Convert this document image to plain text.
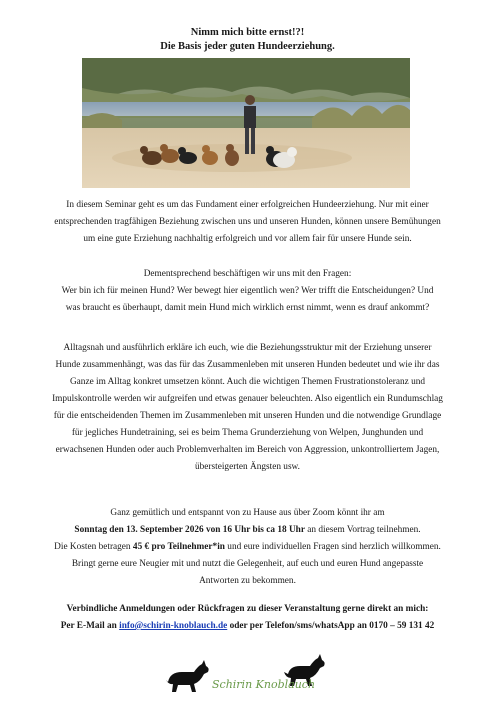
Nimm mich bitte ernst!?!
Die Basis jeder guten Hundeerziehung.

In diesem Seminar geht es um das Fundament einer erfolgreichen Hundeerziehung. Nur mit einer
entsprechenden tragfähigen Beziehung zwischen uns und unseren Hunden, können unsere Bemühungen
um eine gute Erziehung nachhaltig erfolgreich und vor allem fair für unsere Hunde sein.

Dementsprechend beschäftigen wir uns mit den Fragen:
Wer bin ich für meinen Hund? Wer bewegt hier eigentlich wen? Wer trifft die Entscheidungen? Und
was braucht es überhaupt, damit mein Hund mich wirklich ernst nimmt, wenn es drauf ankommt?

Alltagsnah und ausführlich erkläre ich euch, wie die Beziehungsstruktur mit der Erziehung unserer
Hunde zusammenhängt, was das für das Zusammenleben mit unseren Hunden bedeutet und wie ihr das
Ganze im Alltag konkret umsetzen könnt. Auch die wichtigen Themen Frustrationstoleranz und
Impulskontrolle werden wir aufgreifen und etwas genauer beleuchten. Also eigentlich ein Rundumschlag
für die entscheidenden Themen im Zusammenleben mit unseren Hunden und die notwendige Grundlage
für jegliches Hundetraining, sei es beim Thema Grunderziehung von Welpen, Junghunden und
erwachsenen Hunden oder auch Problemverhalten im Bereich von Aggression, unkontrolliertem Jagen,
übersteigerten Ängsten usw.

Ganz gemütlich und entspannt von zu Hause aus über Zoom könnt ihr am
Sonntag den 13. September 2026 von 16 Uhr bis ca 18 Uhr an diesem Vortrag teilnehmen.
Die Kosten betragen 45 € pro Teilnehmer*in und eure individuellen Fragen sind herzlich willkommen.
Bringt gerne eure Neugier mit und nutzt die Gelegenheit, auf euch und euren Hund angepasste
Antworten zu bekommen.

Verbindliche Anmeldungen oder Rückfragen zu dieser Veranstaltung gerne direkt an mich:
Per E-Mail an info@schirin-knoblauch.de oder per Telefon/sms/whatsApp an 0170 – 59 131 42

Schirin Knoblauch
